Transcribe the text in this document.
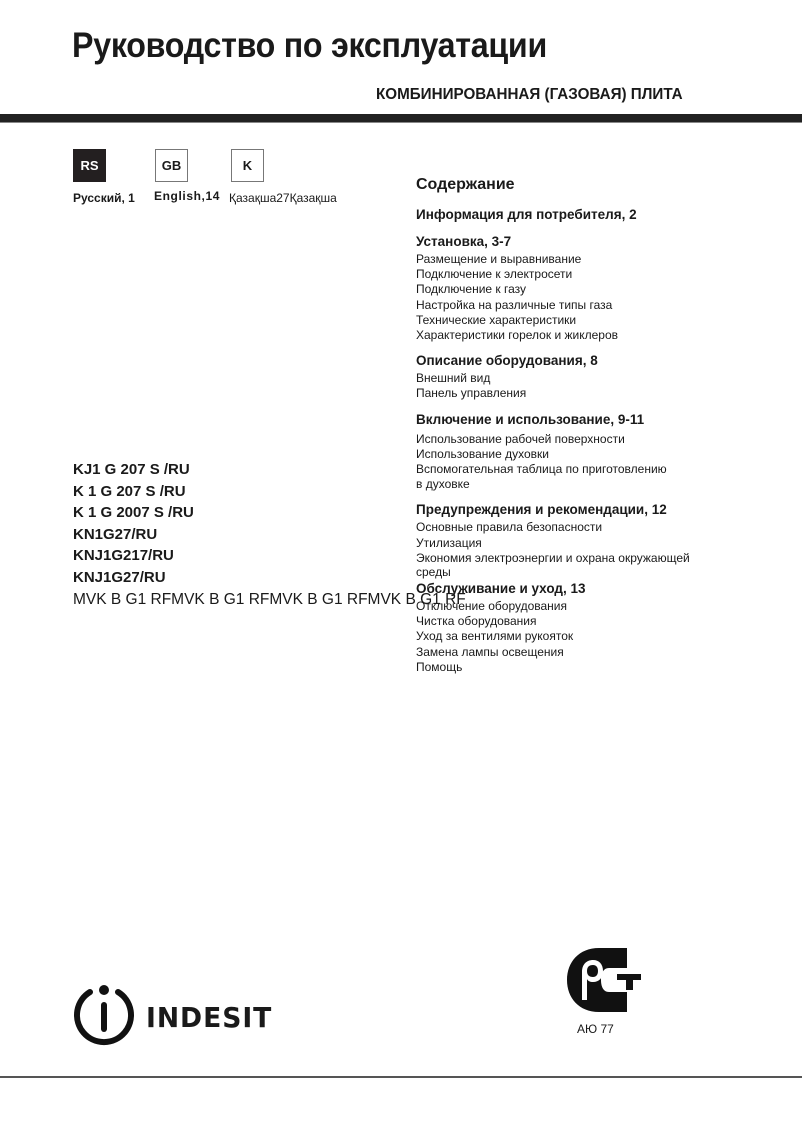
Руководство по эксплуатации
КОМБИНИРОВАННАЯ (ГАЗОВАЯ) ПЛИТА
RS
Русский, 1
GB
English,14
K
Қазақша27Қазақша
KJ1 G 207 S /RU
K 1 G 207 S /RU
K 1 G 2007 S /RU
KN1G27/RU
KNJ1G217/RU
KNJ1G27/RU
MVK B G1 RFMVK B G1 RFMVK B G1 RFMVK B G1 RF
Содержание
Информация для потребителя, 2
Установка, 3-7
Размещение и выравнивание
Подключение к электросети
Подключение к газу
Настройка на различные типы газа
Технические характеристики
Характеристики горелок и жиклеров
Описание оборудования, 8
Внешний вид
Панель управления
Включение и использование, 9-11
Использование рабочей поверхности
Использование духовки
Вспомогательная таблица по приготовлению
в духовке
Предупреждения и рекомендации, 12
Основные правила безопасности
Утилизация
Экономия электроэнергии и охрана окружающей
среды
Обслуживание и уход, 13
Отключение оборудования
Чистка оборудования
Уход за вентилями рукояток
Замена лампы освещения
Помощь
indesit	АЮ 77
